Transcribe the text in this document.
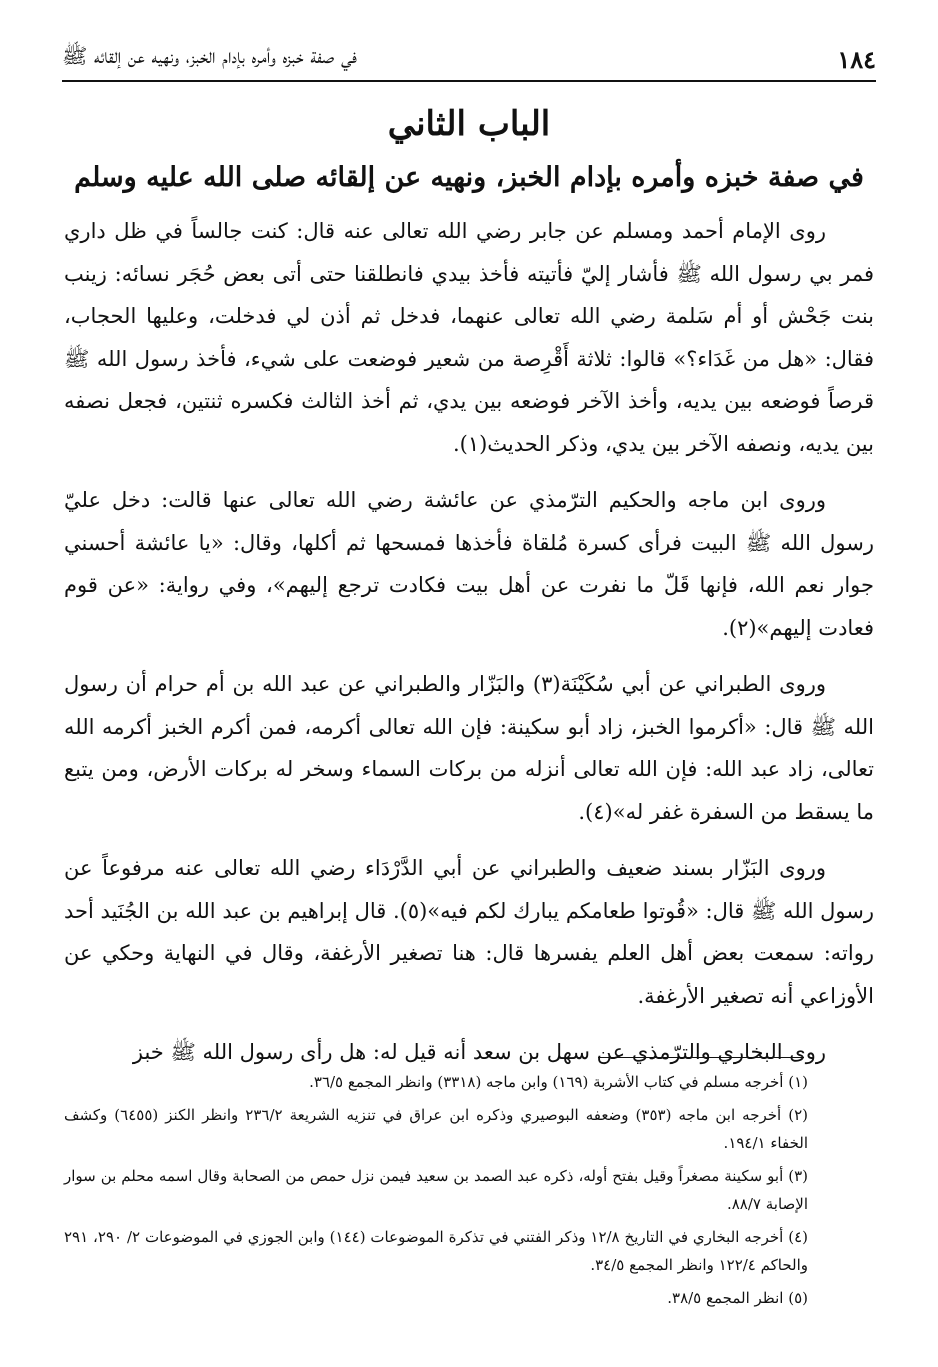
١٨٤
في صفة خبزه وأمره بإدام الخبز، ونهيه عن إلقائه ﷺ
الباب الثاني
في صفة خبزه وأمره بإدام الخبز، ونهيه عن إلقائه صلى الله عليه وسلم

روى الإمام أحمد ومسلم عن جابر رضي الله تعالى عنه قال: كنت جالساً في ظل داري فمر بي رسول الله ﷺ فأشار إليّ فأتيته فأخذ بيدي فانطلقنا حتى أتى بعض حُجَر نسائه: زينب بنت جَحْش أو أم سَلمة رضي الله تعالى عنهما، فدخل ثم أذن لي فدخلت، وعليها الحجاب، فقال: «هل من غَدَاء؟» قالوا: ثلاثة أَقْرِصة من شعير فوضعت على شيء، فأخذ رسول الله ﷺ قرصاً فوضعه بين يديه، وأخذ الآخر فوضعه بين يدي، ثم أخذ الثالث فكسره ثنتين، فجعل نصفه بين يديه، ونصفه الآخر بين يدي، وذكر الحديث(١).

وروى ابن ماجه والحكيم الترّمذي عن عائشة رضي الله تعالى عنها قالت: دخل عليّ رسول الله ﷺ البيت فرأى كسرة مُلقاة فأخذها فمسحها ثم أكلها، وقال: «يا عائشة أحسني جوار نعم الله، فإنها قَلّ ما نفرت عن أهل بيت فكادت ترجع إليهم»، وفي رواية: «عن قوم فعادت إليهم»(٢).

وروى الطبراني عن أبي سُكَيْنَة(٣) والبَزّار والطبراني عن عبد الله بن أم حرام أن رسول الله ﷺ قال: «أكرموا الخبز، زاد أبو سكينة: فإن الله تعالى أكرمه، فمن أكرم الخبز أكرمه الله تعالى، زاد عبد الله: فإن الله تعالى أنزله من بركات السماء وسخر له بركات الأرض، ومن يتبع ما يسقط من السفرة غفر له»(٤).

وروى البَزّار بسند ضعيف والطبراني عن أبي الدَّرْدَاء رضي الله تعالى عنه مرفوعاً عن رسول الله ﷺ قال: «قُوتوا طعامكم يبارك لكم فيه»(٥). قال إبراهيم بن عبد الله بن الجُنَيد أحد رواته: سمعت بعض أهل العلم يفسرها قال: هنا تصغير الأرغفة، وقال في النهاية وحكي عن الأوزاعي أنه تصغير الأرغفة.

روى البخاري والترّمذي عن سهل بن سعد أنه قيل له: هل رأى رسول الله ﷺ خبز

(١) أخرجه مسلم في كتاب الأشربة (١٦٩) وابن ماجه (٣٣١٨) وانظر المجمع ٣٦/٥.

(٢) أخرجه ابن ماجه (٣٥٣) وضعفه البوصيري وذكره ابن عراق في تنزيه الشريعة ٢٣٦/٢ وانظر الكنز (٦٤٥٥) وكشف الخفاء ١٩٤/١.

(٣) أبو سكينة مصغراً وقيل بفتح أوله، ذكره عبد الصمد بن سعيد فيمن نزل حمص من الصحابة وقال اسمه محلم بن سوار الإصابة ٨٨/٧.

(٤) أخرجه البخاري في التاريخ ١٢/٨ وذكر الفتني في تذكرة الموضوعات (١٤٤) وابن الجوزي في الموضوعات ٢/ ٢٩٠، ٢٩١ والحاكم ١٢٢/٤ وانظر المجمع ٣٤/٥.

(٥) انظر المجمع ٣٨/٥.
